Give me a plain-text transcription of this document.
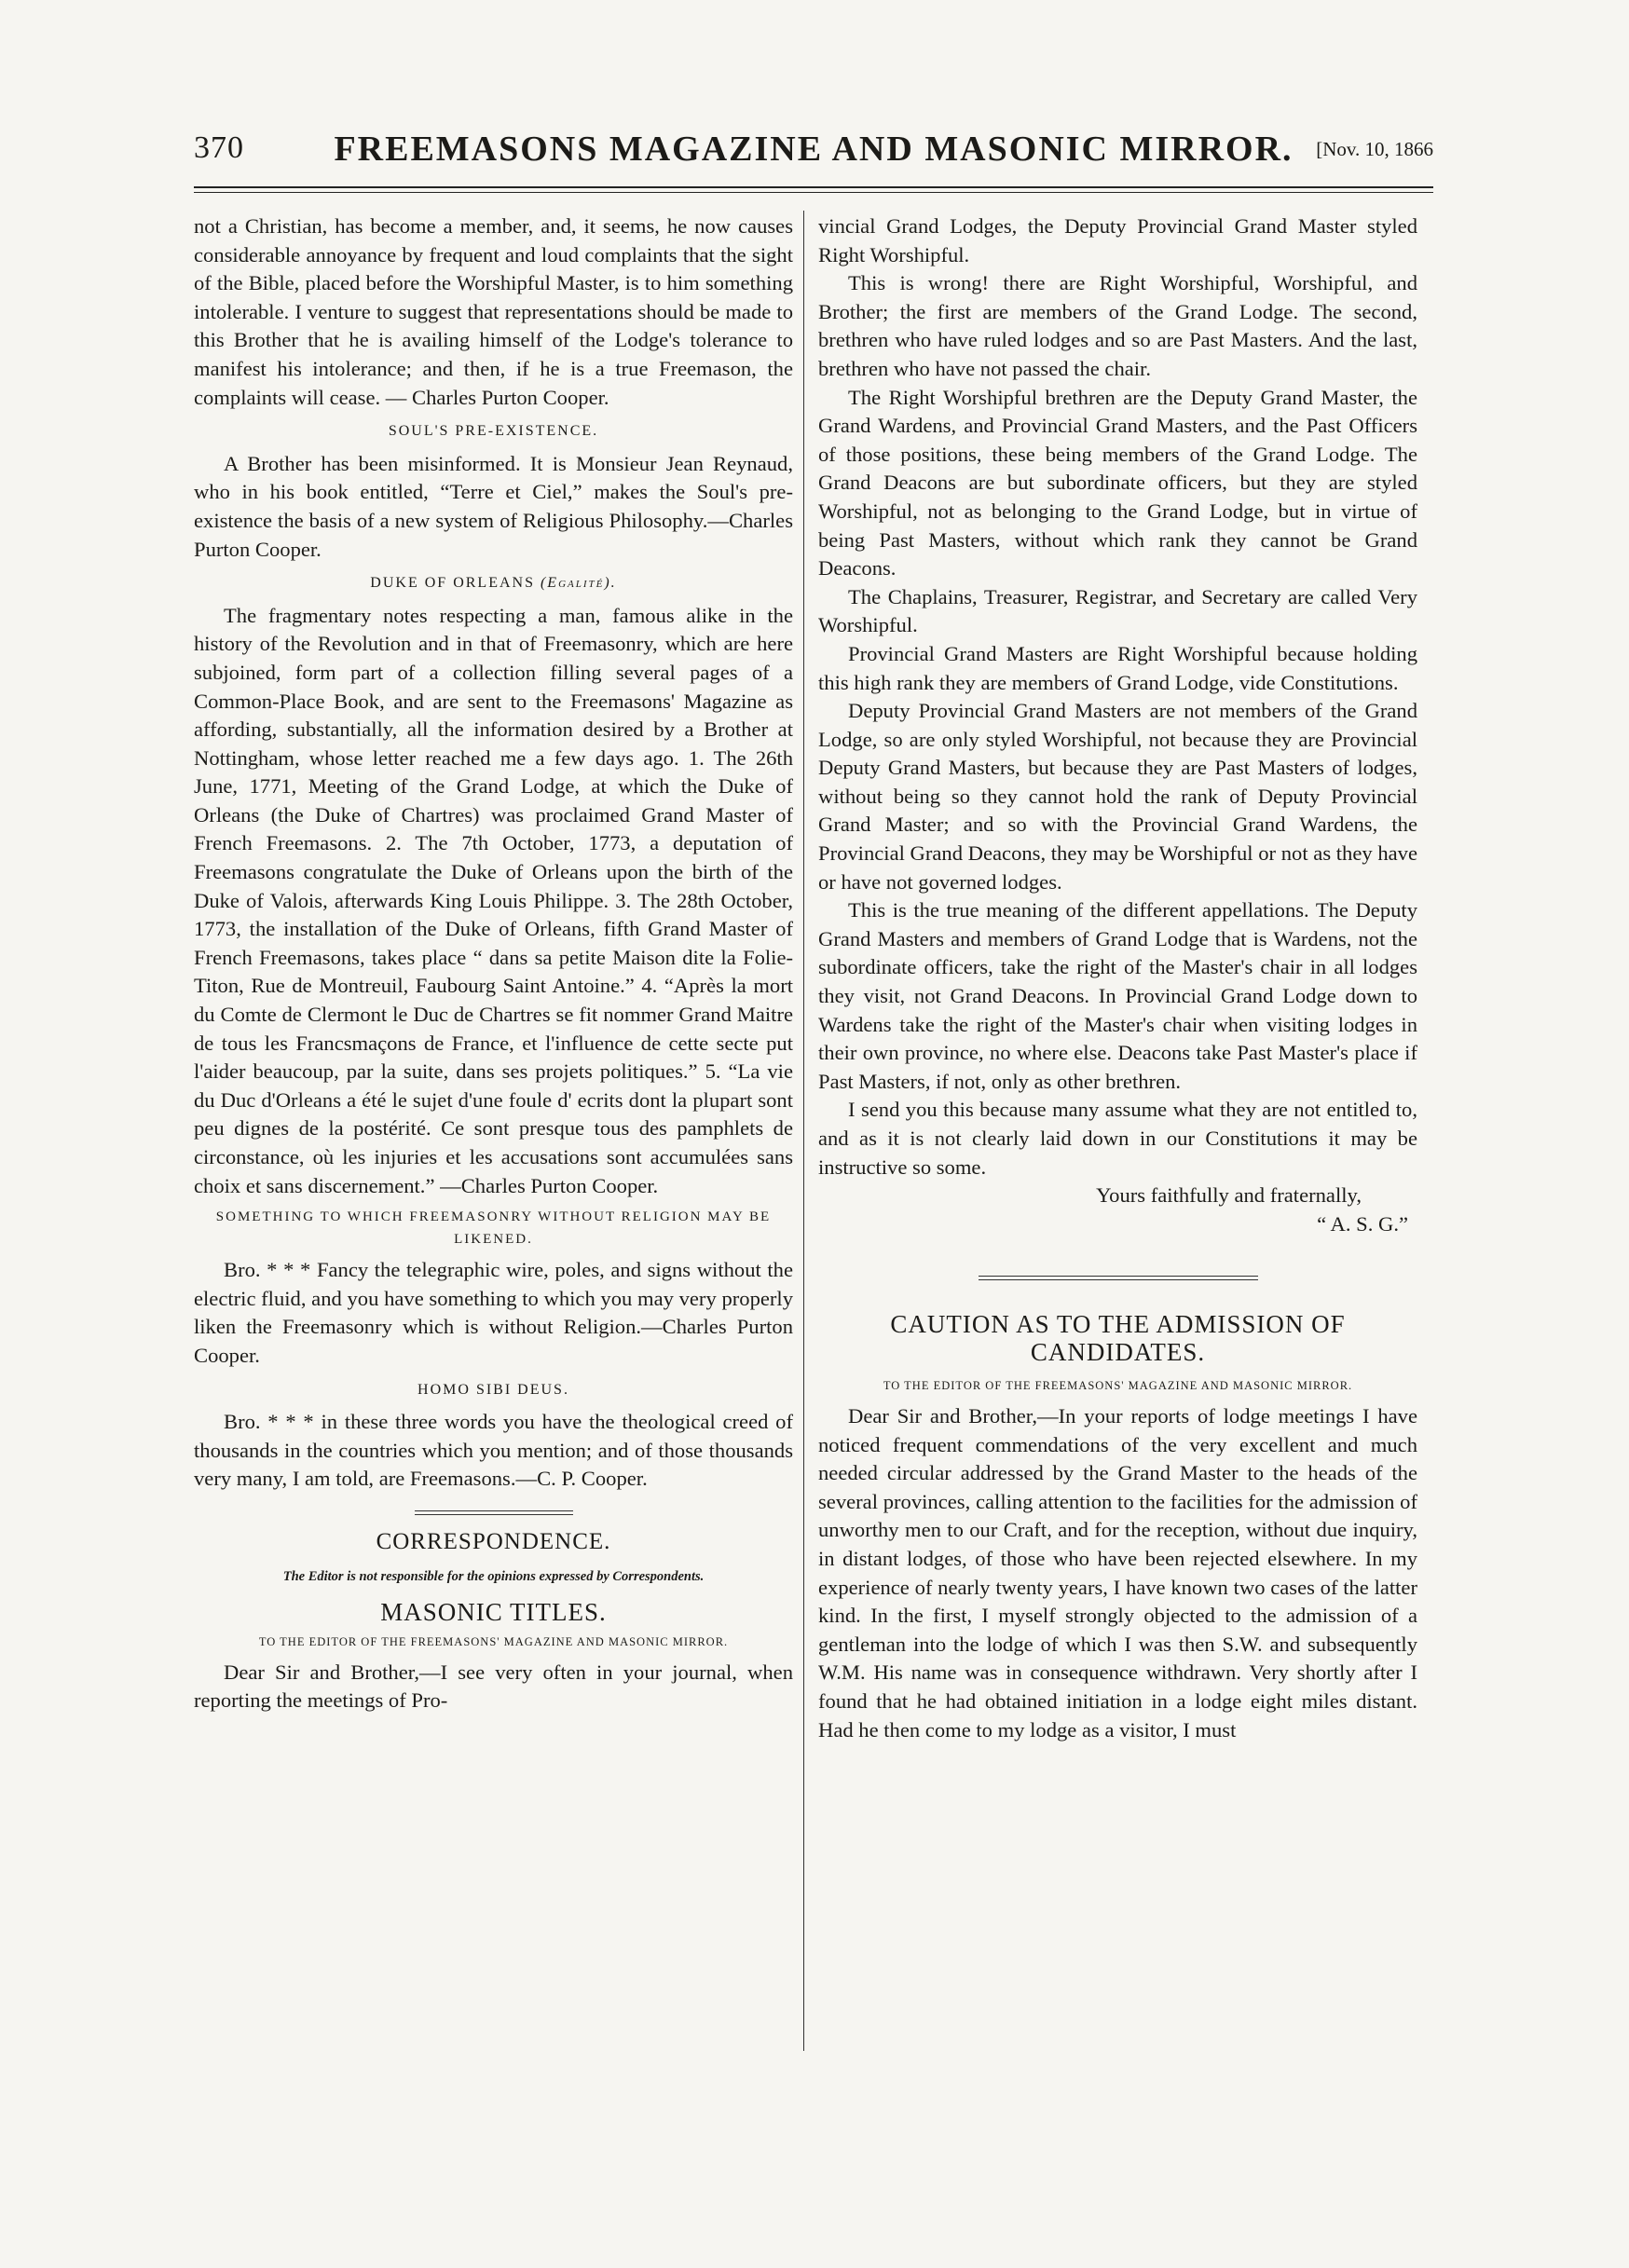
370	FREEMASONS MAGAZINE AND MASONIC MIRROR.	[Nov. 10, 1866

not a Christian, has become a member, and, it seems, he now causes considerable annoyance by frequent and loud complaints that the sight of the Bible, placed before the Worshipful Master, is to him something intolerable. I venture to suggest that representations should be made to this Brother that he is availing himself of the Lodge's tolerance to manifest his intolerance; and then, if he is a true Freemason, the complaints will cease. — Charles Purton Cooper.

SOUL'S PRE-EXISTENCE.

A Brother has been misinformed. It is Monsieur Jean Reynaud, who in his book entitled, “Terre et Ciel,” makes the Soul's pre-existence the basis of a new system of Religious Philosophy.—Charles Purton Cooper.

DUKE OF ORLEANS (Egalité).

The fragmentary notes respecting a man, famous alike in the history of the Revolution and in that of Freemasonry, which are here subjoined, form part of a collection filling several pages of a Common-Place Book, and are sent to the Freemasons' Magazine as affording, substantially, all the information desired by a Brother at Nottingham, whose letter reached me a few days ago. 1. The 26th June, 1771, Meeting of the Grand Lodge, at which the Duke of Orleans (the Duke of Chartres) was proclaimed Grand Master of French Freemasons. 2. The 7th October, 1773, a deputation of Freemasons congratulate the Duke of Orleans upon the birth of the Duke of Valois, afterwards King Louis Philippe. 3. The 28th October, 1773, the installation of the Duke of Orleans, fifth Grand Master of French Freemasons, takes place “ dans sa petite Maison dite la Folie-Titon, Rue de Montreuil, Faubourg Saint Antoine.” 4. “Après la mort du Comte de Clermont le Duc de Chartres se fit nommer Grand Maitre de tous les Francsmaçons de France, et l'influence de cette secte put l'aider beaucoup, par la suite, dans ses projets politiques.” 5. “La vie du Duc d'Orleans a été le sujet d'une foule d' ecrits dont la plupart sont peu dignes de la postérité. Ce sont presque tous des pamphlets de circonstance, où les injuries et les accusations sont accumulées sans choix et sans discernement.” —Charles Purton Cooper.

SOMETHING TO WHICH FREEMASONRY WITHOUT RELIGION MAY BE LIKENED.

Bro. * * * Fancy the telegraphic wire, poles, and signs without the electric fluid, and you have something to which you may very properly liken the Freemasonry which is without Religion.—Charles Purton Cooper.

HOMO SIBI DEUS.

Bro. * * * in these three words you have the theological creed of thousands in the countries which you mention; and of those thousands very many, I am told, are Freemasons.—C. P. Cooper.

CORRESPONDENCE.

The Editor is not responsible for the opinions expressed by Correspondents.

MASONIC TITLES.

TO THE EDITOR OF THE FREEMASONS' MAGAZINE AND MASONIC MIRROR.

Dear Sir and Brother,—I see very often in your journal, when reporting the meetings of Pro-

vincial Grand Lodges, the Deputy Provincial Grand Master styled Right Worshipful.

This is wrong! there are Right Worshipful, Worshipful, and Brother; the first are members of the Grand Lodge. The second, brethren who have ruled lodges and so are Past Masters. And the last, brethren who have not passed the chair.

The Right Worshipful brethren are the Deputy Grand Master, the Grand Wardens, and Provincial Grand Masters, and the Past Officers of those positions, these being members of the Grand Lodge. The Grand Deacons are but subordinate officers, but they are styled Worshipful, not as belonging to the Grand Lodge, but in virtue of being Past Masters, without which rank they cannot be Grand Deacons.

The Chaplains, Treasurer, Registrar, and Secretary are called Very Worshipful.

Provincial Grand Masters are Right Worshipful because holding this high rank they are members of Grand Lodge, vide Constitutions.

Deputy Provincial Grand Masters are not members of the Grand Lodge, so are only styled Worshipful, not because they are Provincial Deputy Grand Masters, but because they are Past Masters of lodges, without being so they cannot hold the rank of Deputy Provincial Grand Master; and so with the Provincial Grand Wardens, the Provincial Grand Deacons, they may be Worshipful or not as they have or have not governed lodges.

This is the true meaning of the different appellations. The Deputy Grand Masters and members of Grand Lodge that is Wardens, not the subordinate officers, take the right of the Master's chair in all lodges they visit, not Grand Deacons. In Provincial Grand Lodge down to Wardens take the right of the Master's chair when visiting lodges in their own province, no where else. Deacons take Past Master's place if Past Masters, if not, only as other brethren.

I send you this because many assume what they are not entitled to, and as it is not clearly laid down in our Constitutions it may be instructive so some.

Yours faithfully and fraternally,

“ A. S. G.”

CAUTION AS TO THE ADMISSION OF CANDIDATES.

TO THE EDITOR OF THE FREEMASONS' MAGAZINE AND MASONIC MIRROR.

Dear Sir and Brother,—In your reports of lodge meetings I have noticed frequent commendations of the very excellent and much needed circular addressed by the Grand Master to the heads of the several provinces, calling attention to the facilities for the admission of unworthy men to our Craft, and for the reception, without due inquiry, in distant lodges, of those who have been rejected elsewhere. In my experience of nearly twenty years, I have known two cases of the latter kind. In the first, I myself strongly objected to the admission of a gentleman into the lodge of which I was then S.W. and subsequently W.M. His name was in consequence withdrawn. Very shortly after I found that he had obtained initiation in a lodge eight miles distant. Had he then come to my lodge as a visitor, I must
